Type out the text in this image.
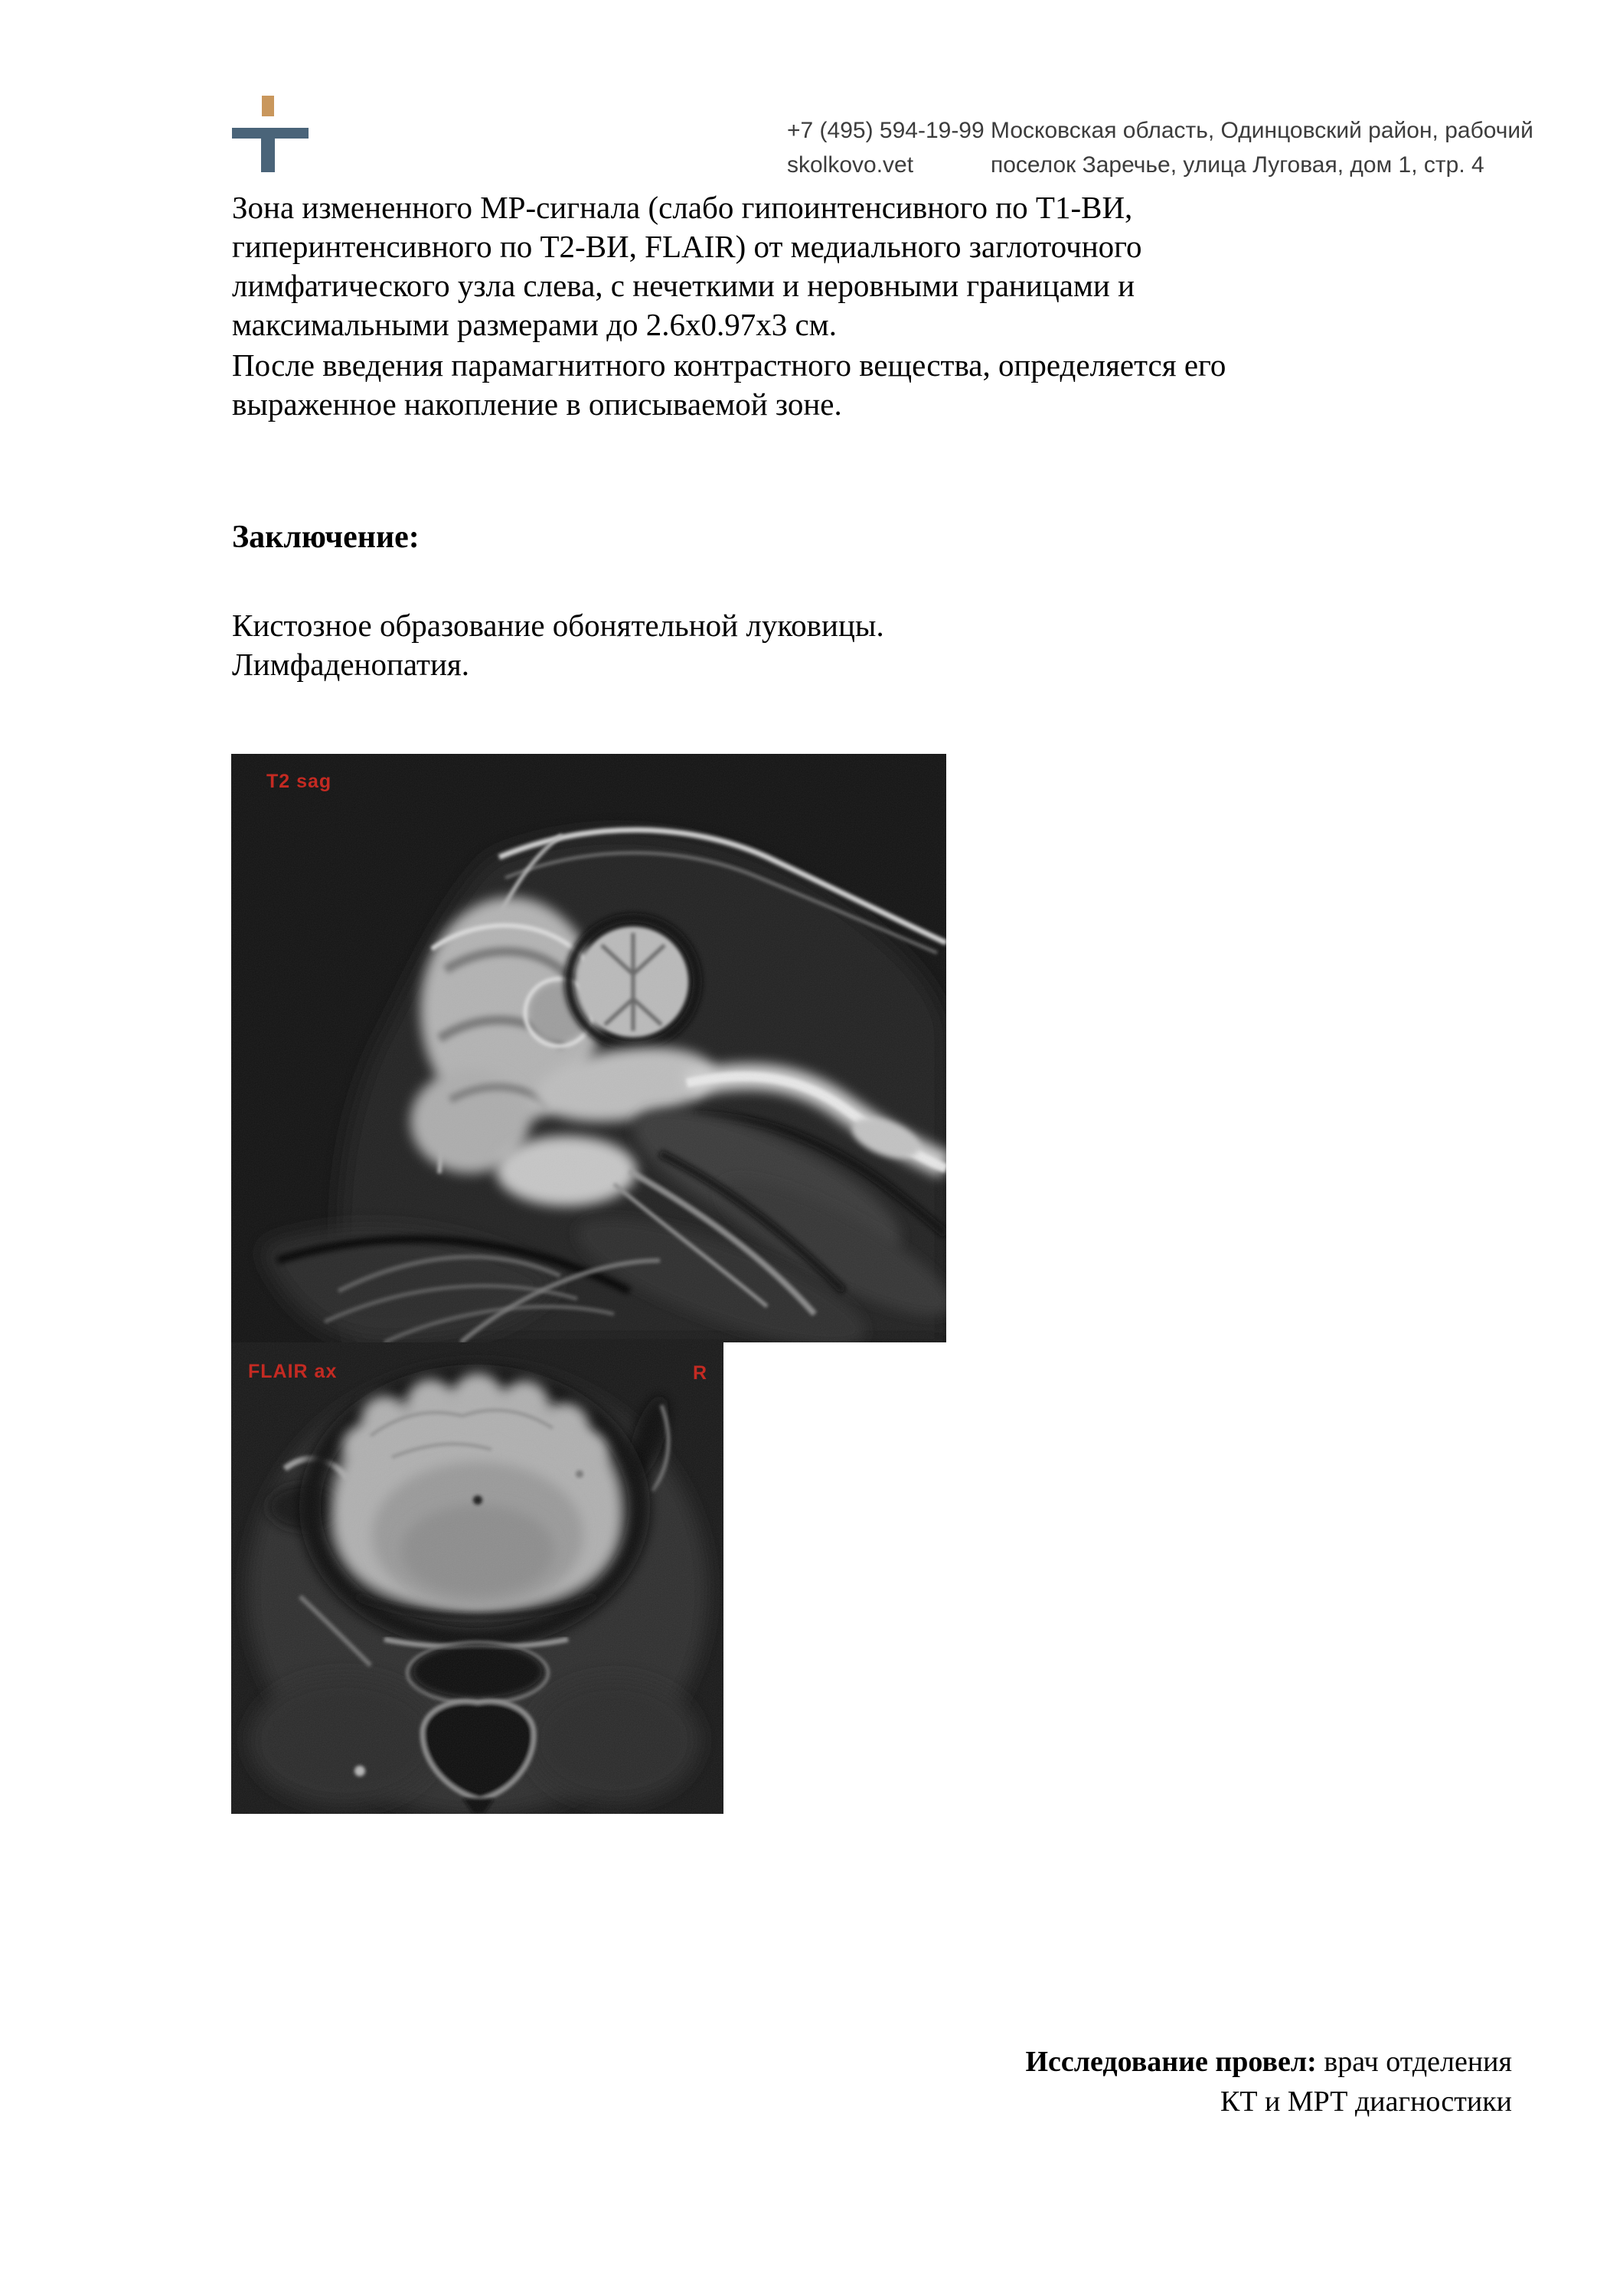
+7 (495) 594-19-99
skolkovo.vet
Московская область, Одинцовский район, рабочий
поселок Заречье, улица Луговая, дом 1, стр. 4
Зона измененного МР-сигнала (слабо гипоинтенсивного по Т1-ВИ,
гиперинтенсивного по Т2-ВИ, FLAIR) от медиального заглоточного
лимфатического узла слева, с нечеткими и неровными границами и
максимальными размерами до 2.6х0.97х3 см.
После введения парамагнитного контрастного вещества, определяется его
выраженное накопление в описываемой зоне.
Заключение:
Кистозное образование обонятельной луковицы.
Лимфаденопатия.
T2 sag
FLAIR ax	R
Исследование провел: врач отделения
КТ и МРТ диагностики
